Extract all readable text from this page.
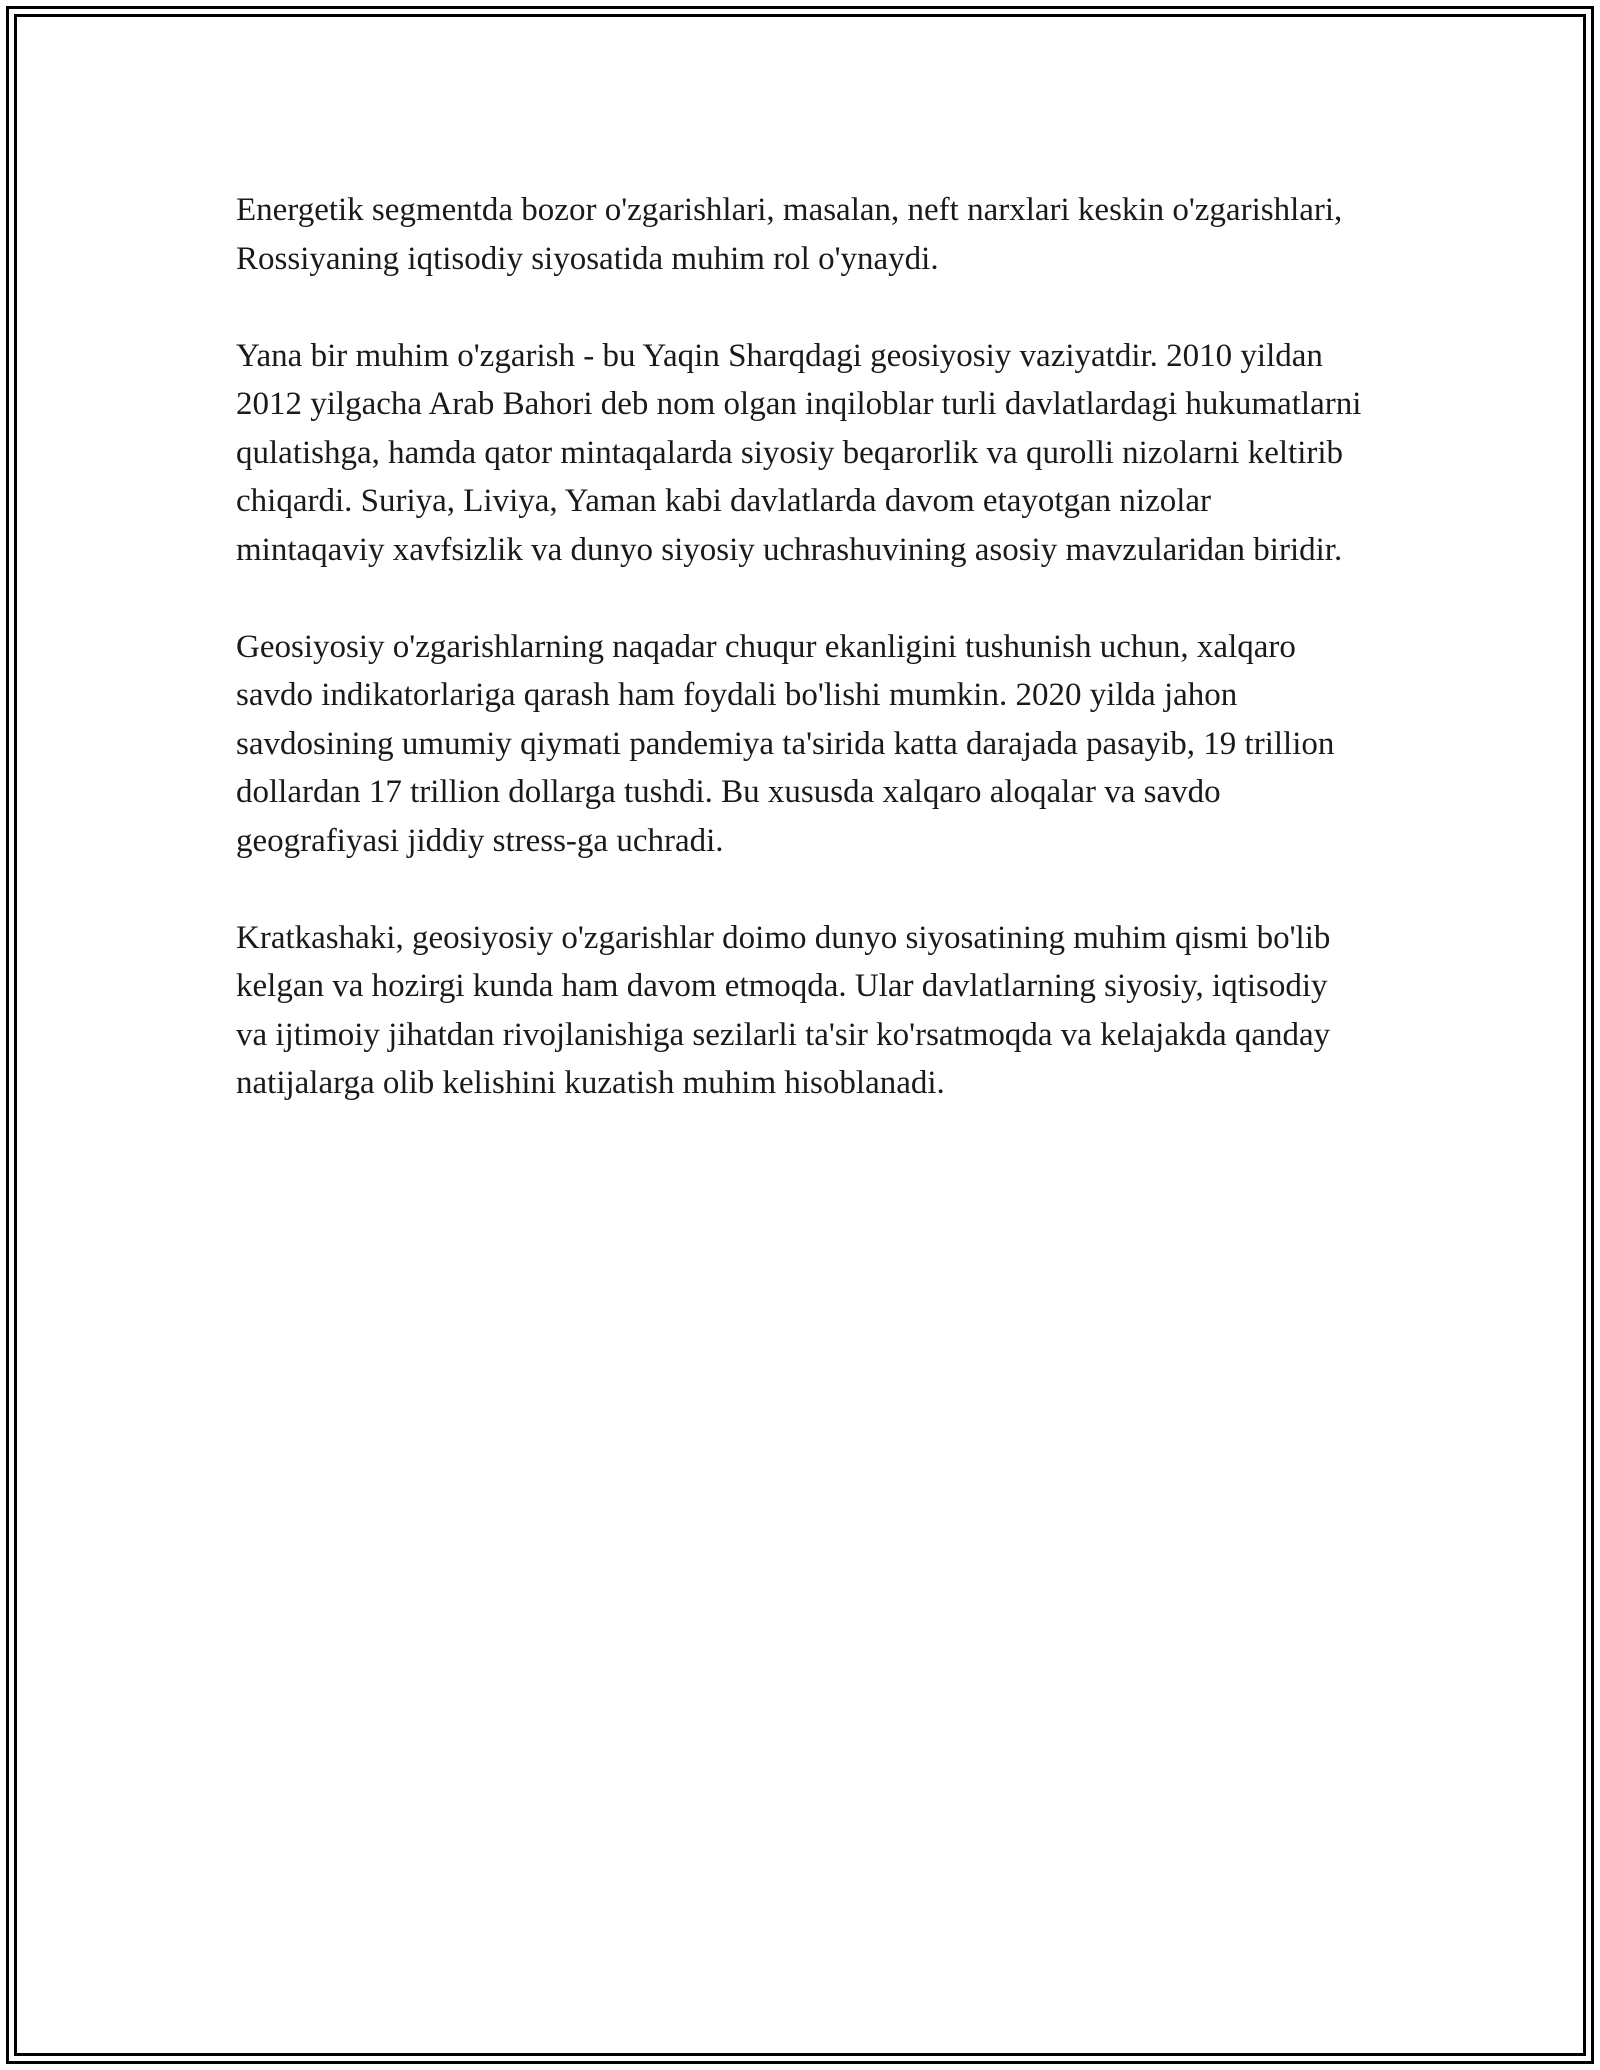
Energetik segmentda bozor o'zgarishlari, masalan, neft narxlari keskin o'zgarishlari, Rossiyaning iqtisodiy siyosatida muhim rol o'ynaydi.

Yana bir muhim o'zgarish - bu Yaqin Sharqdagi geosiyosiy vaziyatdir. 2010 yildan 2012 yilgacha Arab Bahori deb nom olgan inqiloblar turli davlatlardagi hukumatlarni qulatishga, hamda qator mintaqalarda siyosiy beqarorlik va qurolli nizolarni keltirib chiqardi. Suriya, Liviya, Yaman kabi davlatlarda davom etayotgan nizolar mintaqaviy xavfsizlik va dunyo siyosiy uchrashuvining asosiy mavzularidan biridir.

Geosiyosiy o'zgarishlarning naqadar chuqur ekanligini tushunish uchun, xalqaro savdo indikatorlariga qarash ham foydali bo'lishi mumkin. 2020 yilda jahon savdosining umumiy qiymati pandemiya ta'sirida katta darajada pasayib, 19 trillion dollardan 17 trillion dollarga tushdi. Bu xususda xalqaro aloqalar va savdo geografiyasi jiddiy stress-ga uchradi.

Kratkashaki, geosiyosiy o'zgarishlar doimo dunyo siyosatining muhim qismi bo'lib kelgan va hozirgi kunda ham davom etmoqda. Ular davlatlarning siyosiy, iqtisodiy va ijtimoiy jihatdan rivojlanishiga sezilarli ta'sir ko'rsatmoqda va kelajakda qanday natijalarga olib kelishini kuzatish muhim hisoblanadi.
